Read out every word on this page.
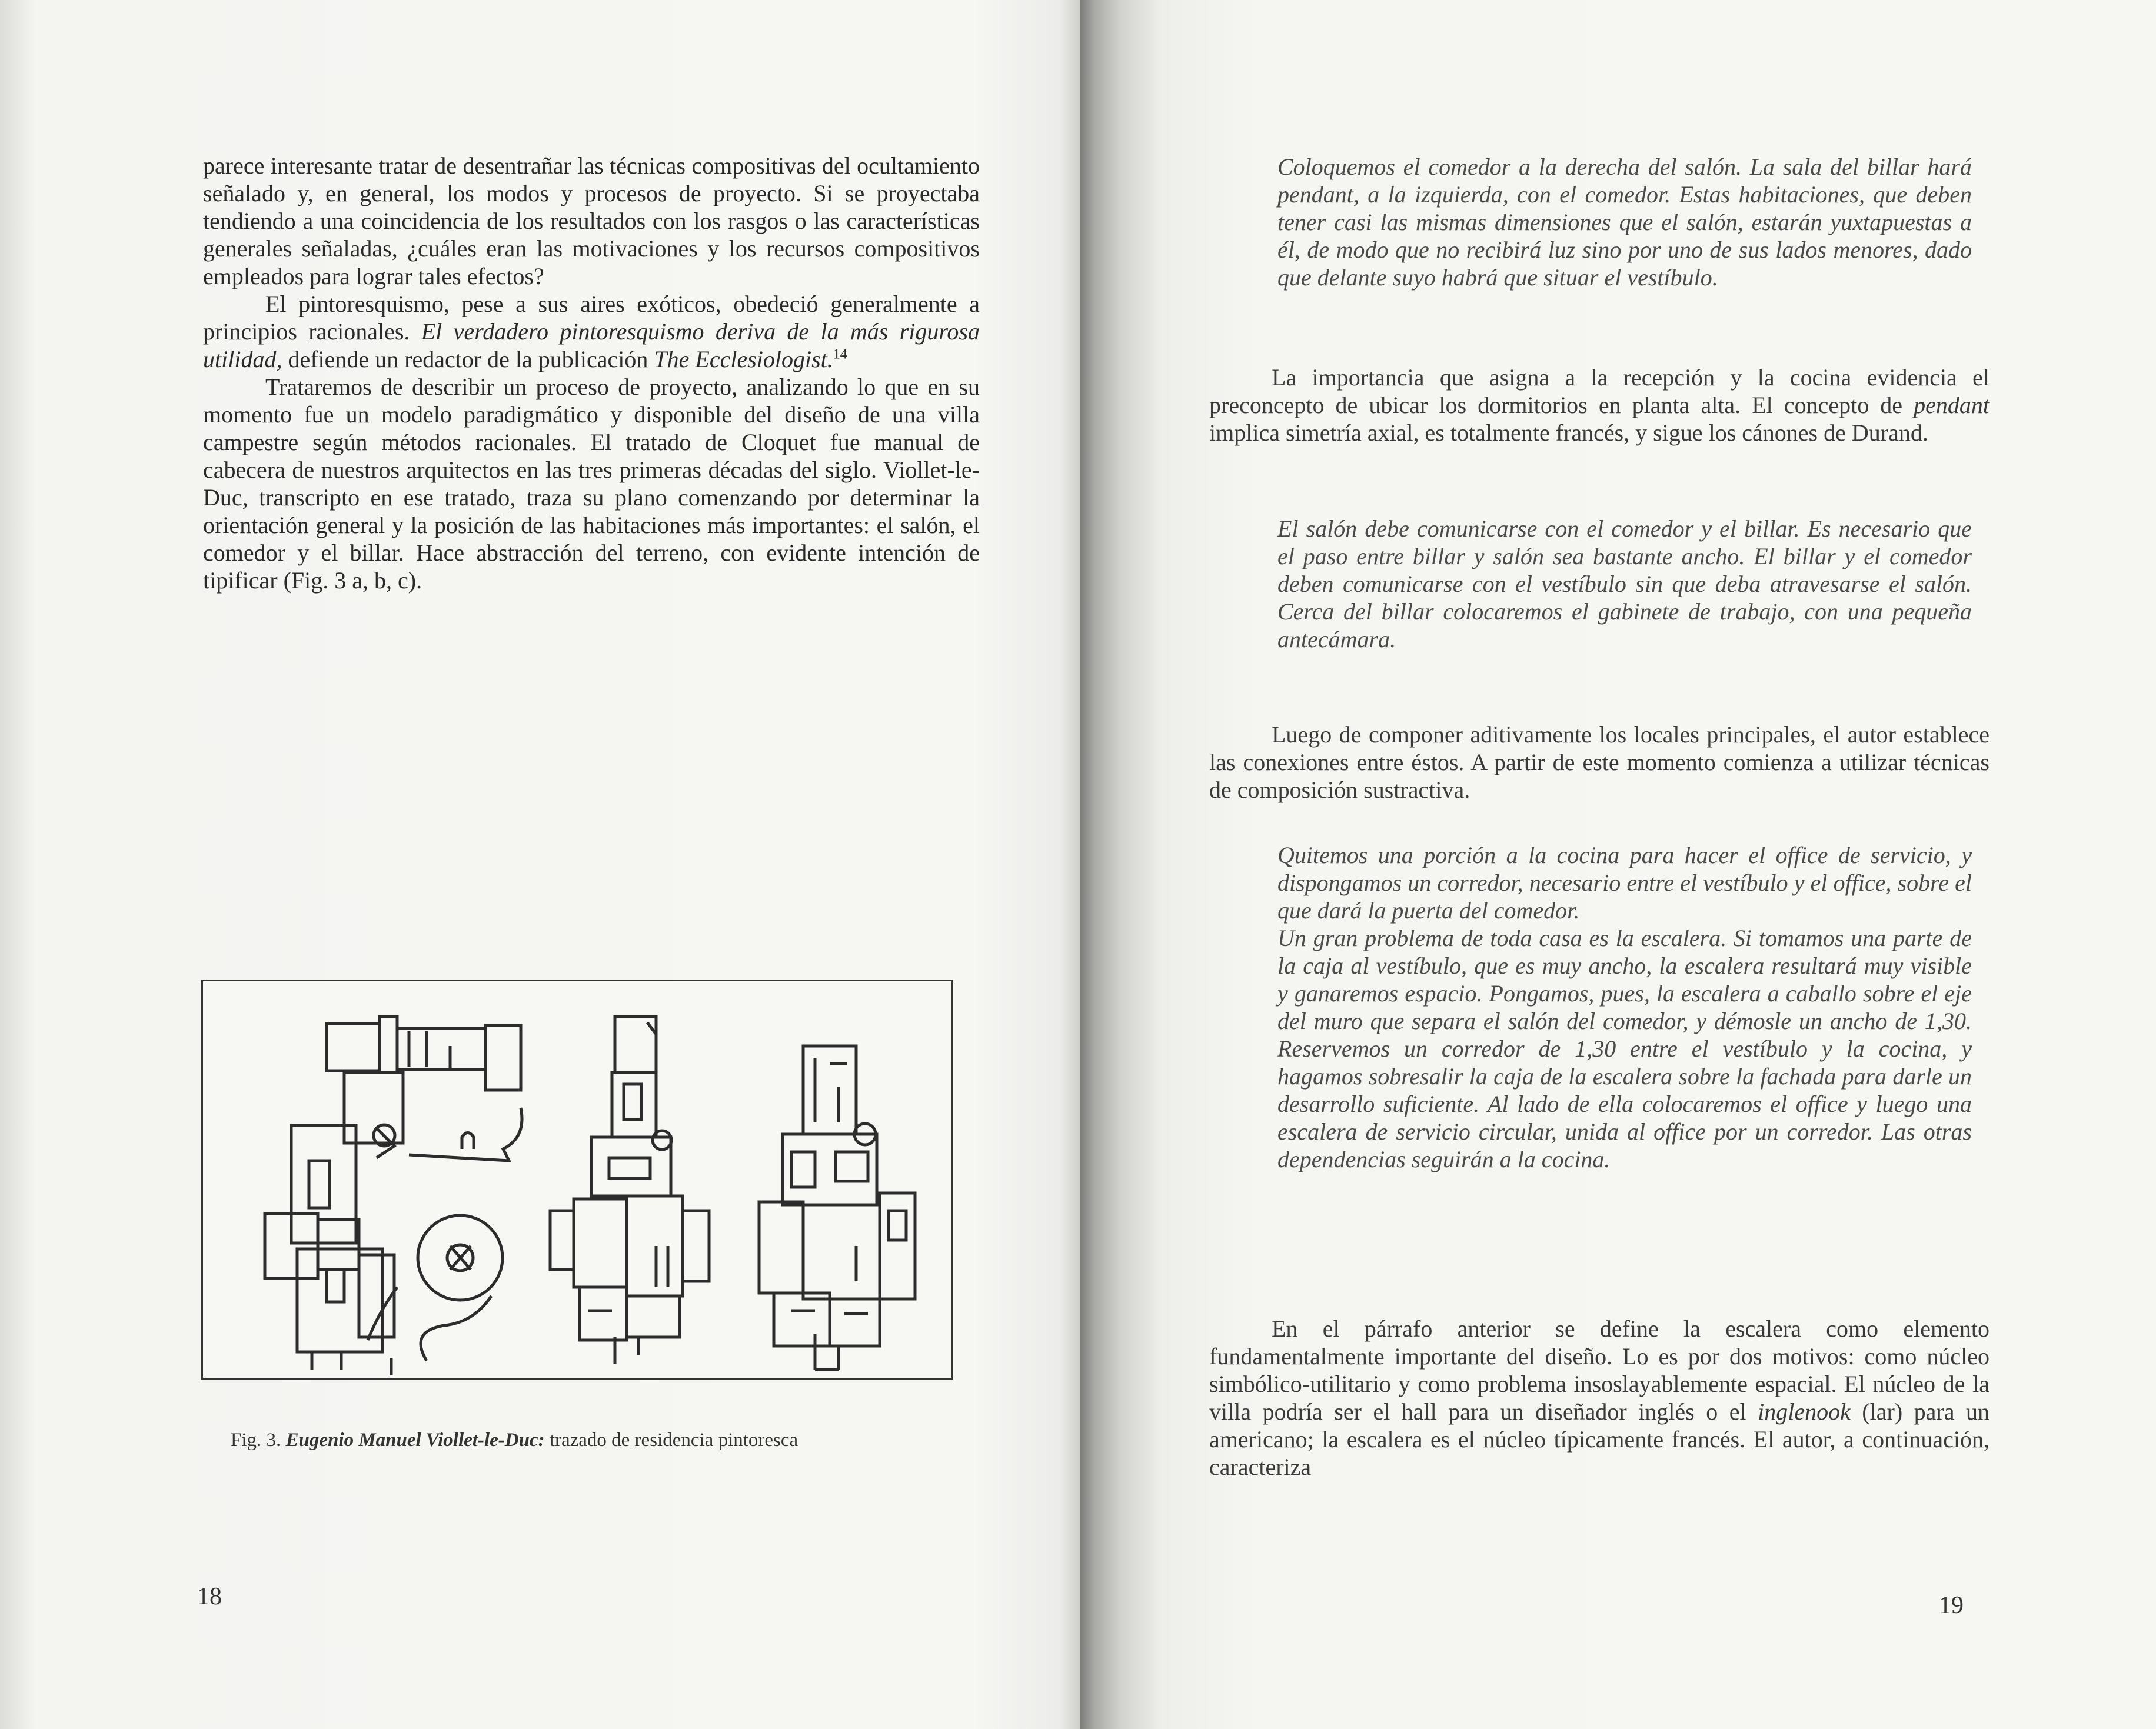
parece interesante tratar de desentrañar las técnicas compositivas del ocultamiento señalado y, en general, los modos y procesos de proyecto. Si se proyectaba tendiendo a una coincidencia de los resultados con los rasgos o las características generales señaladas, ¿cuáles eran las motivaciones y los recursos compositivos empleados para lograr tales efectos?

El pintoresquismo, pese a sus aires exóticos, obedeció generalmente a principios racionales. El verdadero pintoresquismo deriva de la más rigurosa utilidad, defiende un redactor de la publicación The Ecclesiologist.$^{14}$

Trataremos de describir un proceso de proyecto, analizando lo que en su momento fue un modelo paradigmático y disponible del diseño de una villa campestre según métodos racionales. El tratado de Cloquet fue manual de cabecera de nuestros arquitectos en las tres primeras décadas del siglo. Viollet-le-Duc, transcripto en ese tratado, traza su plano comenzando por determinar la orientación general y la posición de las habitaciones más importantes: el salón, el comedor y el billar. Hace abstracción del terreno, con evidente intención de tipificar (Fig. 3 a, b, c).

Fig. 3. Eugenio Manuel Viollet-le-Duc: trazado de residencia pintoresca
18

Coloquemos el comedor a la derecha del salón. La sala del billar hará pendant, a la izquierda, con el comedor. Estas habitaciones, que deben tener casi las mismas dimensiones que el salón, estarán yuxtapuestas a él, de modo que no recibirá luz sino por uno de sus lados menores, dado que delante suyo habrá que situar el vestíbulo.

La importancia que asigna a la recepción y la cocina evidencia el preconcepto de ubicar los dormitorios en planta alta. El concepto de pendant implica simetría axial, es totalmente francés, y sigue los cánones de Durand.

El salón debe comunicarse con el comedor y el billar. Es necesario que el paso entre billar y salón sea bastante ancho. El billar y el comedor deben comunicarse con el vestíbulo sin que deba atravesarse el salón. Cerca del billar colocaremos el gabinete de trabajo, con una pequeña antecámara.

Luego de componer aditivamente los locales principales, el autor establece las conexiones entre éstos. A partir de este momento comienza a utilizar técnicas de composición sustractiva.

Quitemos una porción a la cocina para hacer el office de servicio, y dispongamos un corredor, necesario entre el vestíbulo y el office, sobre el que dará la puerta del comedor.

Un gran problema de toda casa es la escalera. Si tomamos una parte de la caja al vestíbulo, que es muy ancho, la escalera resultará muy visible y ganaremos espacio. Pongamos, pues, la escalera a caballo sobre el eje del muro que separa el salón del comedor, y démosle un ancho de 1,30. Reservemos un corredor de 1,30 entre el vestíbulo y la cocina, y hagamos sobresalir la caja de la escalera sobre la fachada para darle un desarrollo suficiente. Al lado de ella colocaremos el office y luego una escalera de servicio circular, unida al office por un corredor. Las otras dependencias seguirán a la cocina.

En el párrafo anterior se define la escalera como elemento fundamentalmente importante del diseño. Lo es por dos motivos: como núcleo simbólico-utilitario y como problema insoslayablemente espacial. El núcleo de la villa podría ser el hall para un diseñador inglés o el inglenook (lar) para un americano; la escalera es el núcleo típicamente francés. El autor, a continuación, caracteriza

19
